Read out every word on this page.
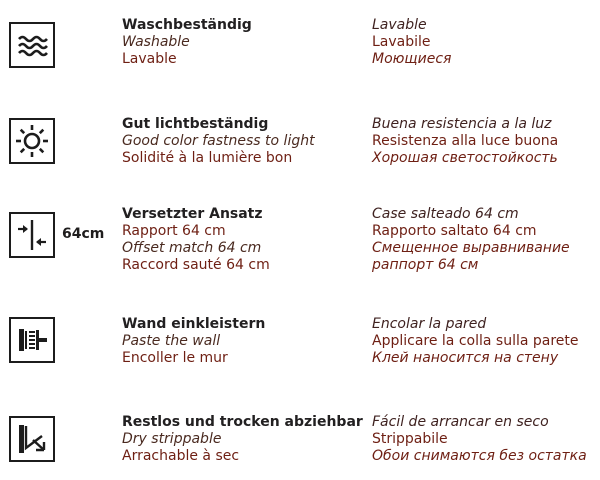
Waschbeständig
Washable
Lavable
Lavable
Lavabile
Моющиеся
Gut lichtbeständig
Good color fastness to light
Solidité à la lumière bon
Buena resistencia a la luz
Resistenza alla luce buona
Хорошая светостойкость
64cm
Versetzter Ansatz
Rapport 64 cm
Offset match 64 cm
Raccord sauté 64 cm
Case salteado 64 cm
Rapporto saltato 64 cm
Смещенное выравнивание
раппорт 64 см
Wand einkleistern
Paste the wall
Encoller le mur
Encolar la pared
Applicare la colla sulla parete
Клей наносится на стену
Restlos und trocken abziehbar
Dry strippable
Arrachable à sec
Fácil de arrancar en seco
Strippabile
Обои снимаются без остатка
